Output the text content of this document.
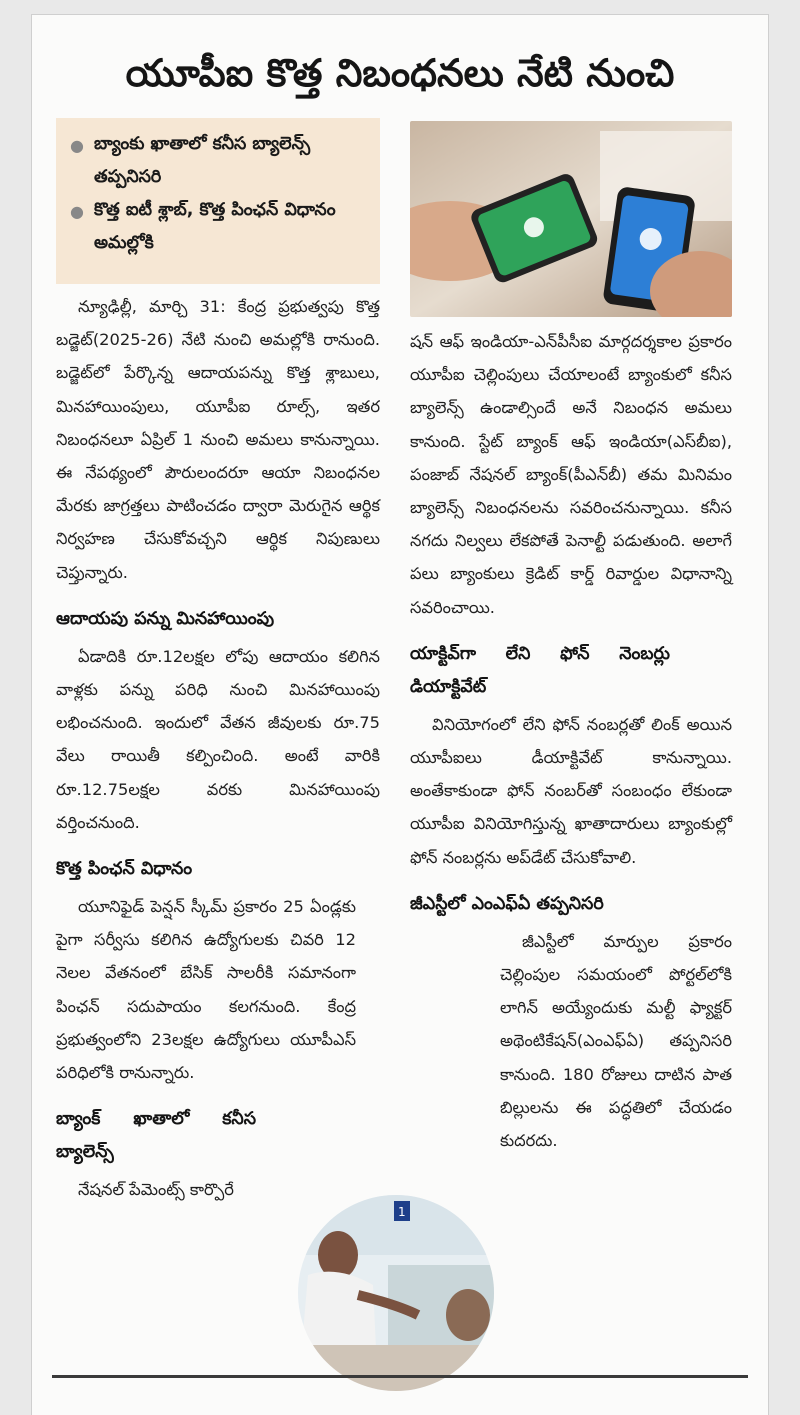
యూపీఐ కొత్త నిబంధనలు నేటి నుంచి
● బ్యాంకు ఖాతాలో కనీస బ్యాలెన్స్ తప్పనిసరి
● కొత్త ఐటీ శ్లాబ్, కొత్త పింఛన్ విధానం అమల్లోకి

న్యూఢిల్లీ, మార్చి 31: కేంద్ర ప్రభుత్వపు కొత్త బడ్జెట్(2025-26) నేటి నుంచి అమల్లోకి రానుంది. బడ్జెట్‌లో పేర్కొన్న ఆదాయపన్ను కొత్త శ్లాబులు, మినహాయింపులు, యూపీఐ రూల్స్, ఇతర నిబంధనలూ ఏప్రిల్ 1 నుంచి అమలు కానున్నాయి. ఈ నేపథ్యంలో పౌరులందరూ ఆయా నిబంధనల మేరకు జాగ్రత్తలు పాటించడం ద్వారా మెరుగైన ఆర్థిక నిర్వహణ చేసుకోవచ్చని ఆర్థిక నిపుణులు చెప్తున్నారు.

ఆదాయపు పన్ను మినహాయింపు

ఏడాదికి రూ.12లక్షల లోపు ఆదాయం కలిగిన వాళ్లకు పన్ను పరిధి నుంచి మినహాయింపు లభించనుంది. ఇందులో వేతన జీవులకు రూ.75 వేలు రాయితీ కల్పించింది. అంటే వారికి రూ.12.75లక్షల వరకు మినహాయింపు వర్తించనుంది.

కొత్త పింఛన్ విధానం

యూనిఫైడ్ పెన్షన్ స్కీమ్ ప్రకారం 25 ఏండ్లకు పైగా సర్వీసు కలిగిన ఉద్యోగులకు చివరి 12 నెలల వేతనంలో బేసిక్ సాలరీకి సమానంగా పింఛన్ సదుపాయం కలగనుంది. కేంద్ర ప్రభుత్వంలోని 23లక్షల ఉద్యోగులు యూపీఎస్ పరిధిలోకి రానున్నారు.

బ్యాంక్ ఖాతాలో కనీస బ్యాలెన్స్

నేషనల్ పేమెంట్స్ కార్పొరే

షన్ ఆఫ్ ఇండియా-ఎన్‌పీసీఐ మార్గదర్శకాల ప్రకారం యూపీఐ చెల్లింపులు చేయాలంటే బ్యాంకులో కనీస బ్యాలెన్స్ ఉండాల్సిందే అనే నిబంధన అమలు కానుంది. స్టేట్ బ్యాంక్ ఆఫ్ ఇండియా(ఎస్‌బీఐ), పంజాబ్ నేషనల్ బ్యాంక్(పీఎన్‌బీ) తమ మినిమం బ్యాలెన్స్ నిబంధనలను సవరించనున్నాయి. కనీస నగదు నిల్వలు లేకపోతే పెనాల్టీ పడుతుంది. అలాగే పలు బ్యాంకులు క్రెడిట్ కార్డ్ రివార్డుల విధానాన్ని సవరించాయి.

యాక్టివ్‌గా లేని ఫోన్ నెంబర్లు డియాక్టివేట్

వినియోగంలో లేని ఫోన్ నంబర్లతో లింక్ అయిన యూపీఐలు డీయాక్టివేట్ కానున్నాయి. అంతేకాకుండా ఫోన్ నంబర్‌తో సంబంధం లేకుండా యూపీఐ వినియోగిస్తున్న ఖాతాదారులు బ్యాంకుల్లో ఫోన్ నంబర్లను అప్‌డేట్ చేసుకోవాలి.

జీఎస్టీలో ఎంఎఫ్ఏ తప్పనిసరి

జీఎస్టీలో మార్పుల ప్రకారం చెల్లింపుల సమయంలో పోర్టల్‌లోకి లాగిన్ అయ్యేందుకు మల్టీ ఫ్యాక్టర్ అథెంటికేషన్(ఎంఎఫ్ఏ) తప్పనిసరి కానుంది. 180 రోజులు దాటిన పాత బిల్లులను ఈ పద్ధతిలో చేయడం కుదరదు.

1
